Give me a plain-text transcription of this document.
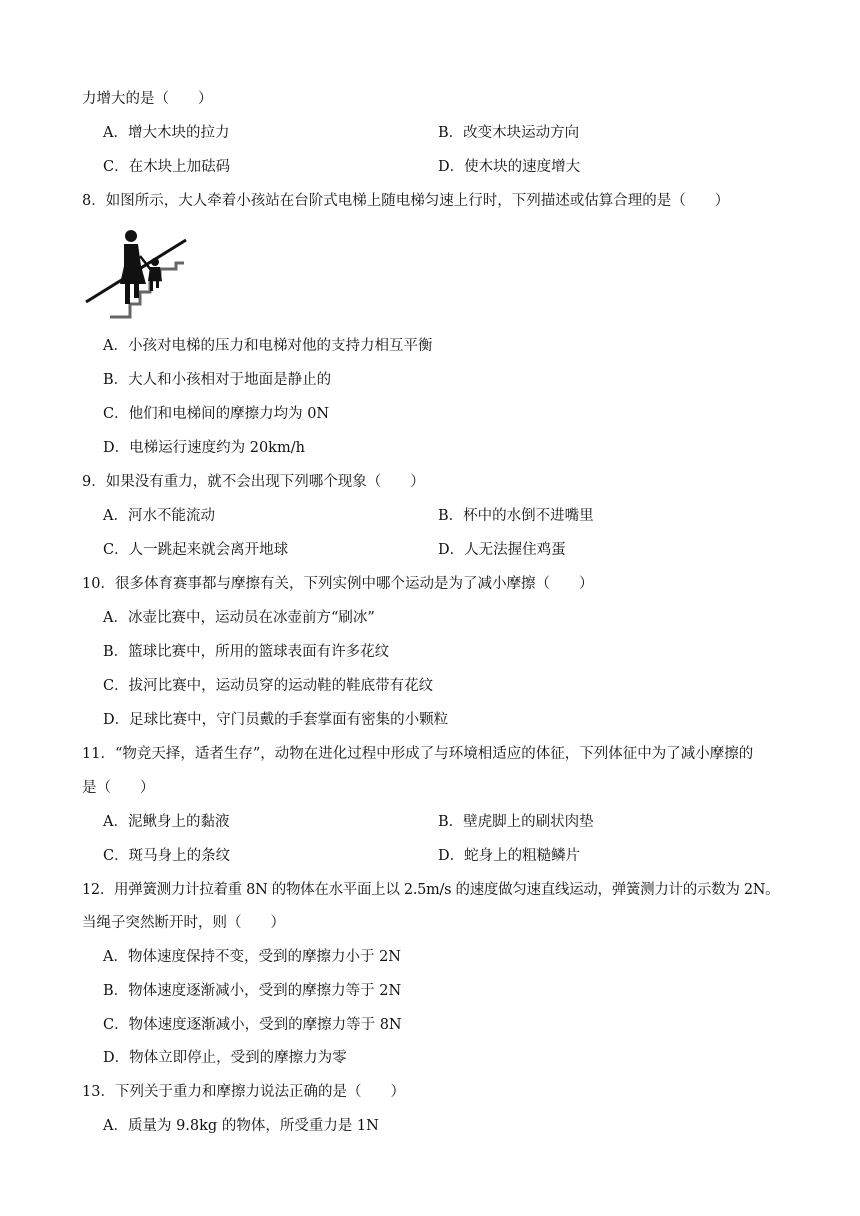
力增大的是（　　）
A．增大木块的拉力	B．改变木块运动方向
C．在木块上加砝码	D．使木块的速度增大
8．如图所示，大人牵着小孩站在台阶式电梯上随电梯匀速上行时，下列描述或估算合理的是（　　）
A．小孩对电梯的压力和电梯对他的支持力相互平衡
B．大人和小孩相对于地面是静止的
C．他们和电梯间的摩擦力均为 0N
D．电梯运行速度约为 20km/h
9．如果没有重力，就不会出现下列哪个现象（　　）
A．河水不能流动	B．杯中的水倒不进嘴里
C．人一跳起来就会离开地球	D．人无法握住鸡蛋
10．很多体育赛事都与摩擦有关，下列实例中哪个运动是为了减小摩擦（　　）
A．冰壶比赛中，运动员在冰壶前方“刷冰”
B．篮球比赛中，所用的篮球表面有许多花纹
C．拔河比赛中，运动员穿的运动鞋的鞋底带有花纹
D．足球比赛中，守门员戴的手套掌面有密集的小颗粒
11．“物竞天择，适者生存”，动物在进化过程中形成了与环境相适应的体征，下列体征中为了减小摩擦的
是（　　）
A．泥鳅身上的黏液	B．壁虎脚上的刷状肉垫
C．斑马身上的条纹	D．蛇身上的粗糙鳞片
12．用弹簧测力计拉着重 8N 的物体在水平面上以 2.5m/s 的速度做匀速直线运动，弹簧测力计的示数为 2N。
当绳子突然断开时，则（　　）
A．物体速度保持不变，受到的摩擦力小于 2N
B．物体速度逐渐减小，受到的摩擦力等于 2N
C．物体速度逐渐减小，受到的摩擦力等于 8N
D．物体立即停止，受到的摩擦力为零
13．下列关于重力和摩擦力说法正确的是（　　）
A．质量为 9.8kg 的物体，所受重力是 1N
